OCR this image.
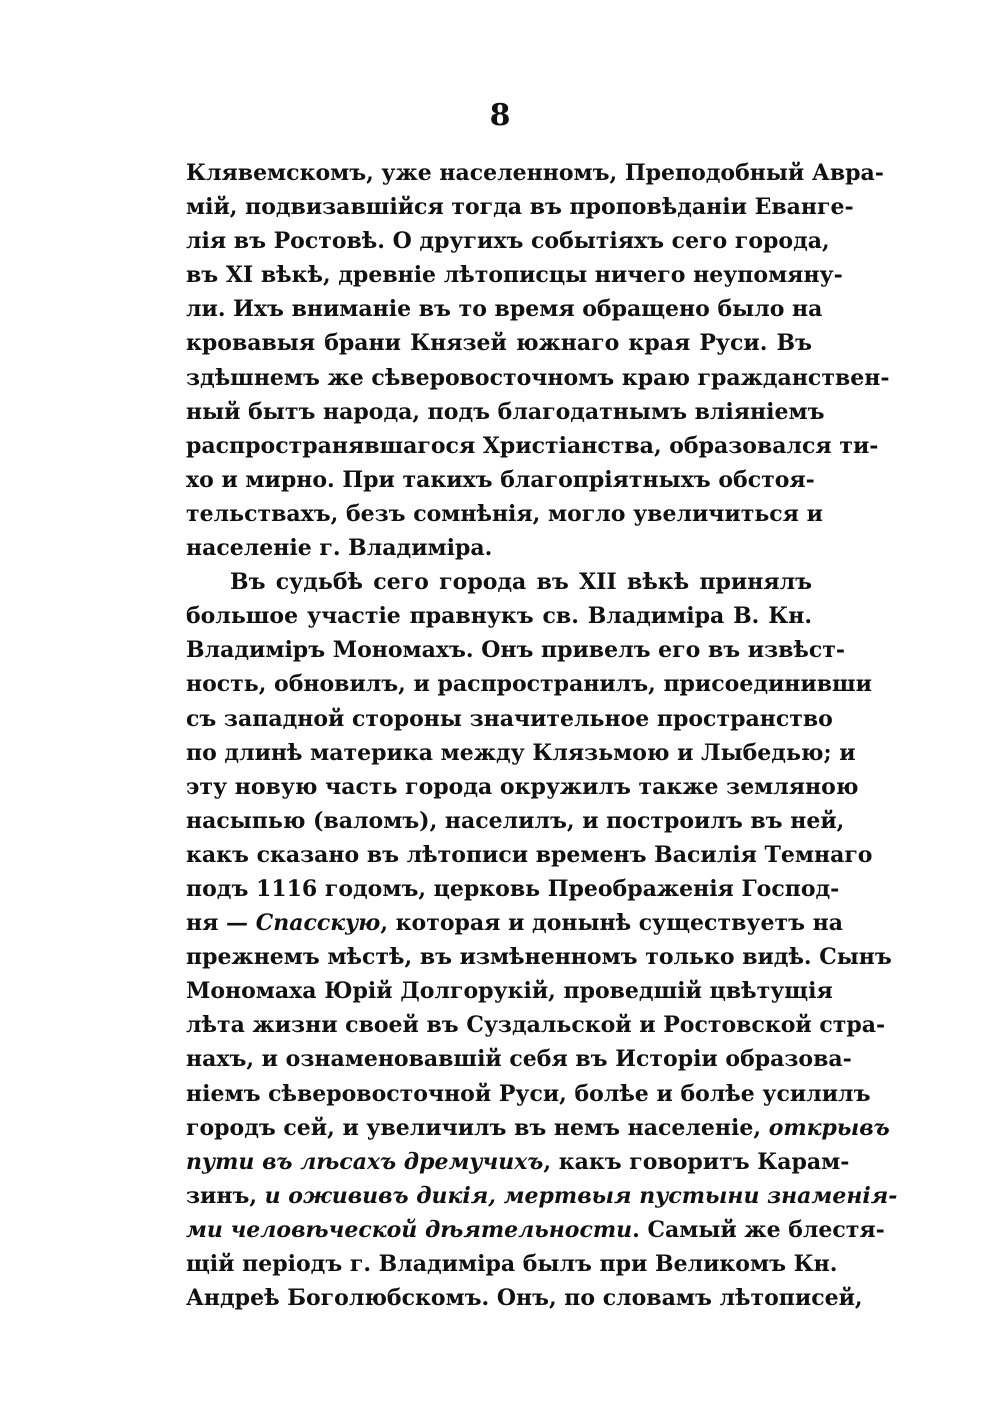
8
Клявемскомъ, уже населенномъ, Преподобный Авра-
мій, подвизавшійся тогда въ проповѣданіи Еванге-
лія въ Ростовѣ. О другихъ событіяхъ сего города,
въ XI вѣкѣ, древніе лѣтописцы ничего неупомяну-
ли. Ихъ вниманіе въ то время обращено было на
кровавыя брани Князей южнаго края Руси. Въ
здѣшнемъ же сѣверовосточномъ краю гражданствен-
ный бытъ народа, подъ благодатнымъ вліяніемъ
распространявшагося Христіанства, образовался ти-
хо и мирно. При такихъ благопріятныхъ обстоя-
тельствахъ, безъ сомнѣнія, могло увеличиться и
населеніе г. Владиміра.
Въ судьбѣ сего города въ XII вѣкѣ принялъ
большое участіе правнукъ св. Владиміра В. Кн.
Владиміръ Мономахъ. Онъ привелъ его въ извѣст-
ность, обновилъ, и распространилъ, присоединивши
съ западной стороны значительное пространство
по длинѣ материка между Клязьмою и Лыбедью; и
эту новую часть города окружилъ также земляною
насыпью (валомъ), населилъ, и построилъ въ ней,
какъ сказано въ лѣтописи временъ Василія Темнаго
подъ 1116 годомъ, церковь Преображенія Господ-
ня — Спасскую, которая и донынѣ существуетъ на
прежнемъ мѣстѣ, въ измѣненномъ только видѣ. Сынъ
Мономаха Юрій Долгорукій, проведшій цвѣтущія
лѣта жизни своей въ Суздальской и Ростовской стра-
нахъ, и ознаменовавшій себя въ Исторіи образова-
ніемъ сѣверовосточной Руси, болѣе и болѣе усилилъ
городъ сей, и увеличилъ въ немъ населеніе, открывъ
пути въ лѣсахъ дремучихъ, какъ говоритъ Карам-
зинъ, и ожививъ дикія, мертвыя пустыни знаменія-
ми человѣческой дѣятельности. Самый же блестя-
щій періодъ г. Владиміра былъ при Великомъ Кн.
Андреѣ Боголюбскомъ. Онъ, по словамъ лѣтописей,
